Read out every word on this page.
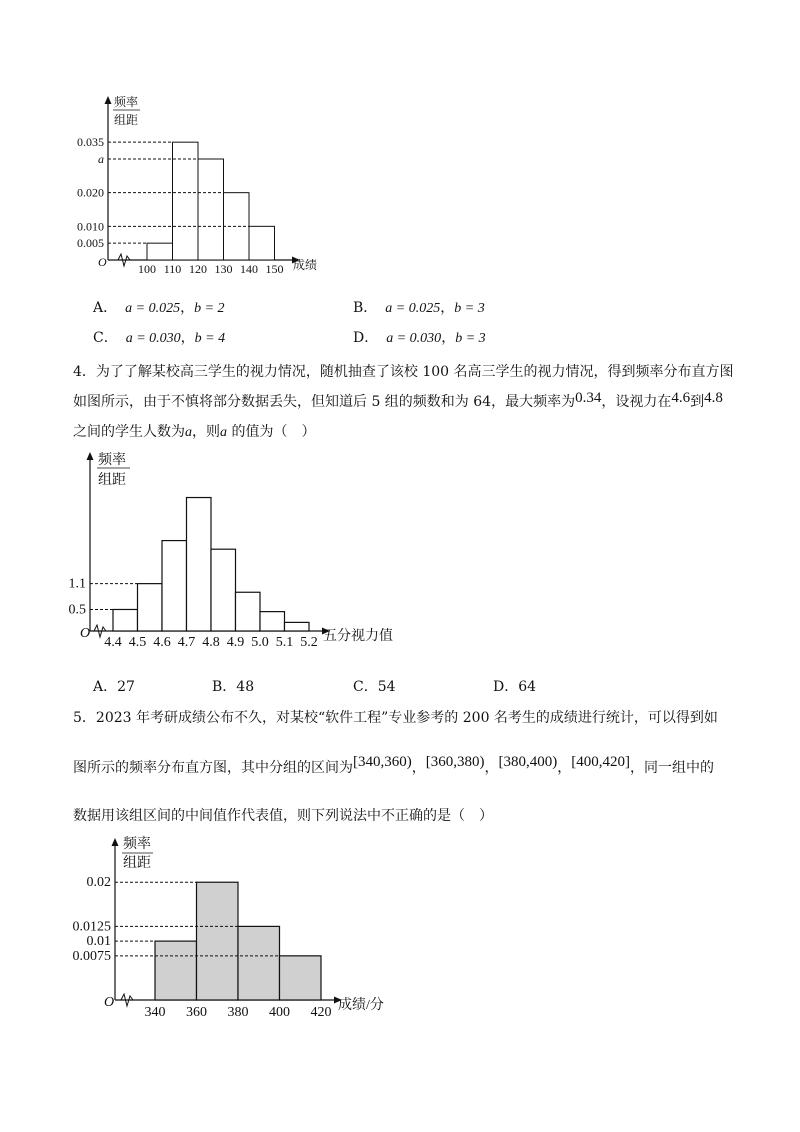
O
频率
组距
成绩
0.035
a
0.020
0.010
0.005
100 110 120 130 140 150
A． a = 0.025，b = 2	B． a = 0.025，b = 3
C． a = 0.030，b = 4	D． a = 0.030，b = 3
4．为了了解某校高三学生的视力情况，随机抽查了该校 100 名高三学生的视力情况，得到频率分布直方图
如图所示，由于不慎将部分数据丢失，但知道后 5 组的频数和为 64，最大频率为0.34，设视力在4.6到4.8
之间的学生人数为a，则a 的值为（　）
O
频率
组距
五分视力值
1.1
0.5
4.4 4.5 4.6 4.7 4.8 4.9 5.0 5.1 5.2
A．27	B．48	C．54	D．64
5．2023 年考研成绩公布不久，对某校“软件工程”专业参考的 200 名考生的成绩进行统计，可以得到如
图所示的频率分布直方图，其中分组的区间为[340,360)，[360,380)，[380,400)，[400,420]，同一组中的
数据用该组区间的中间值作代表值，则下列说法中不正确的是（　）
O
频率
组距
成绩/分
0.02
0.0125
0.01
0.0075
340 360 380 400 420
